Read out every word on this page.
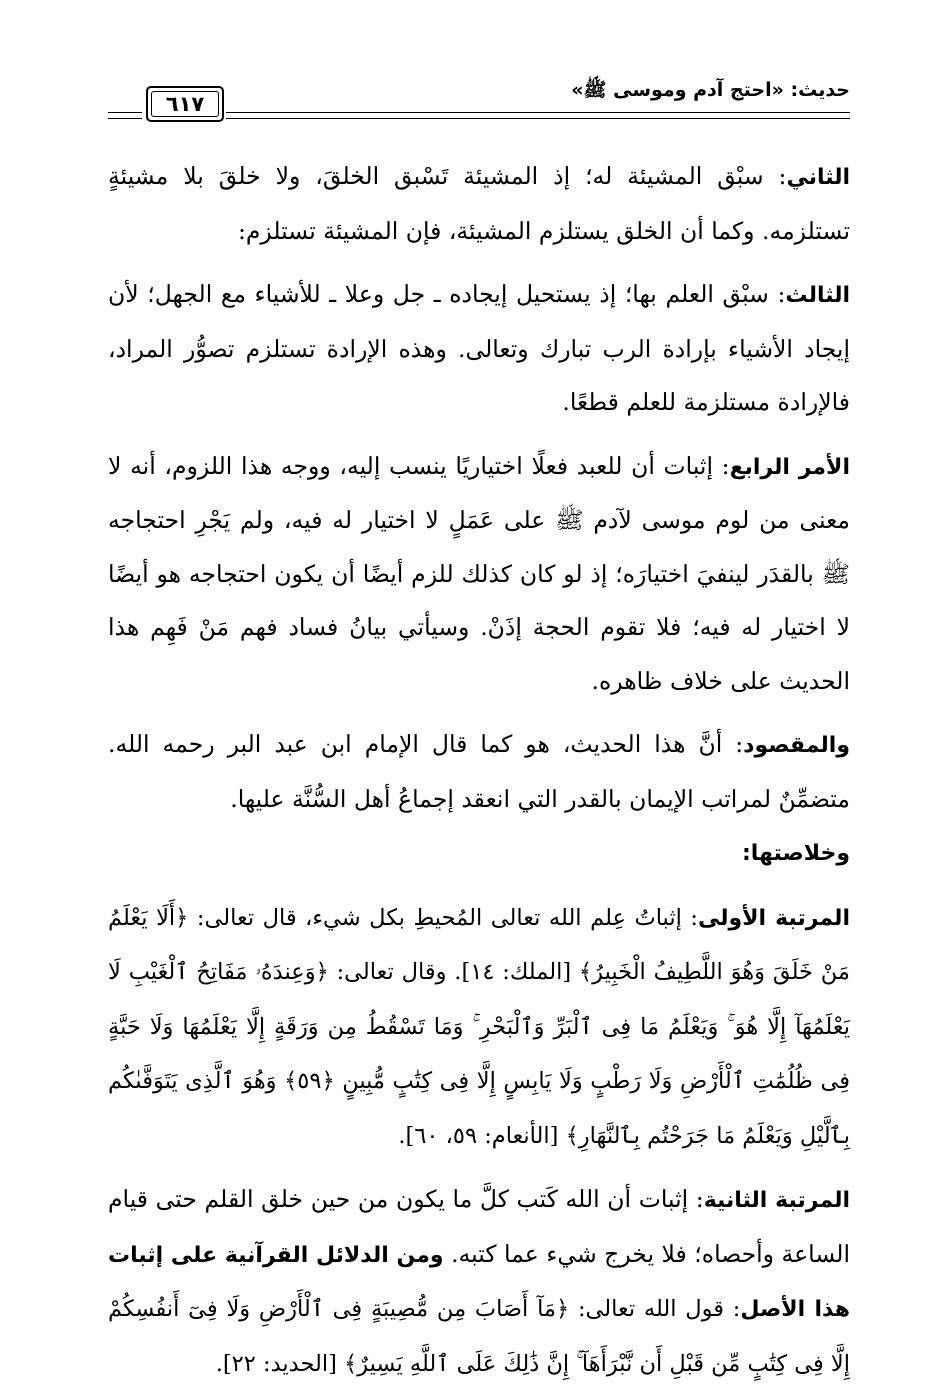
حديث: «احتج آدم وموسى ﷺ»
٦١٧

الثاني: سبْق المشيئة له؛ إذ المشيئة تَسْبق الخلقَ، ولا خلقَ بلا مشيئةٍ تستلزمه. وكما أن الخلق يستلزم المشيئة، فإن المشيئة تستلزم:

الثالث: سبْق العلم بها؛ إذ يستحيل إيجاده ـ جل وعلا ـ للأشياء مع الجهل؛ لأن إيجاد الأشياء بإرادة الرب تبارك وتعالى. وهذه الإرادة تستلزم تصوُّر المراد، فالإرادة مستلزمة للعلم قطعًا.

الأمر الرابع: إثبات أن للعبد فعلًا اختياريًا ينسب إليه، ووجه هذا اللزوم، أنه لا معنى من لوم موسى لآدم ﷺ على عَمَلٍ لا اختيار له فيه، ولم يَجْرِ احتجاجه ﷺ بالقدَر لينفيَ اختيارَه؛ إذ لو كان كذلك للزم أيضًا أن يكون احتجاجه هو أيضًا لا اختيار له فيه؛ فلا تقوم الحجة إذَنْ. وسيأتي بيانُ فساد فهم مَنْ فَهِم هذا الحديث على خلاف ظاهره.

والمقصود: أنَّ هذا الحديث، هو كما قال الإمام ابن عبد البر رحمه الله. متضمِّنٌ لمراتب الإيمان بالقدر التي انعقد إجماعُ أهل السُّنَّة عليها.

وخلاصتها:

المرتبة الأولى: إثباتُ عِلم الله تعالى المُحيطِ بكل شيء، قال تعالى: ﴿أَلَا يَعْلَمُ مَنْ خَلَقَ وَهُوَ اللَّطِيفُ الْخَبِيرُ﴾ [الملك: ١٤]. وقال تعالى: ﴿وَعِندَهُۥ مَفَاتِحُ ٱلْغَيْبِ لَا يَعْلَمُهَآ إِلَّا هُوَ ۚ وَيَعْلَمُ مَا فِى ٱلْبَرِّ وَٱلْبَحْرِ ۚ وَمَا تَسْقُطُ مِن وَرَقَةٍ إِلَّا يَعْلَمُهَا وَلَا حَبَّةٍ فِى ظُلُمَٰتِ ٱلْأَرْضِ وَلَا رَطْبٍ وَلَا يَابِسٍ إِلَّا فِى كِتَٰبٍ مُّبِينٍ ﴿٥٩﴾ وَهُوَ ٱلَّذِى يَتَوَفَّىٰكُم بِٱلَّيْلِ وَيَعْلَمُ مَا جَرَحْتُم بِٱلنَّهَارِ﴾ [الأنعام: ٥٩، ٦٠].

المرتبة الثانية: إثبات أن الله كَتب كلَّ ما يكون من حين خلق القلم حتى قيام الساعة وأحصاه؛ فلا يخرج شيء عما كتبه. ومن الدلائل القرآنية على إثبات هذا الأصل: قول الله تعالى: ﴿مَآ أَصَابَ مِن مُّصِيبَةٍ فِى ٱلْأَرْضِ وَلَا فِىٓ أَنفُسِكُمْ إِلَّا فِى كِتَٰبٍ مِّن قَبْلِ أَن نَّبْرَأَهَآ ۚ إِنَّ ذَٰلِكَ عَلَى ٱللَّهِ يَسِيرٌ﴾ [الحديد: ٢٢].
